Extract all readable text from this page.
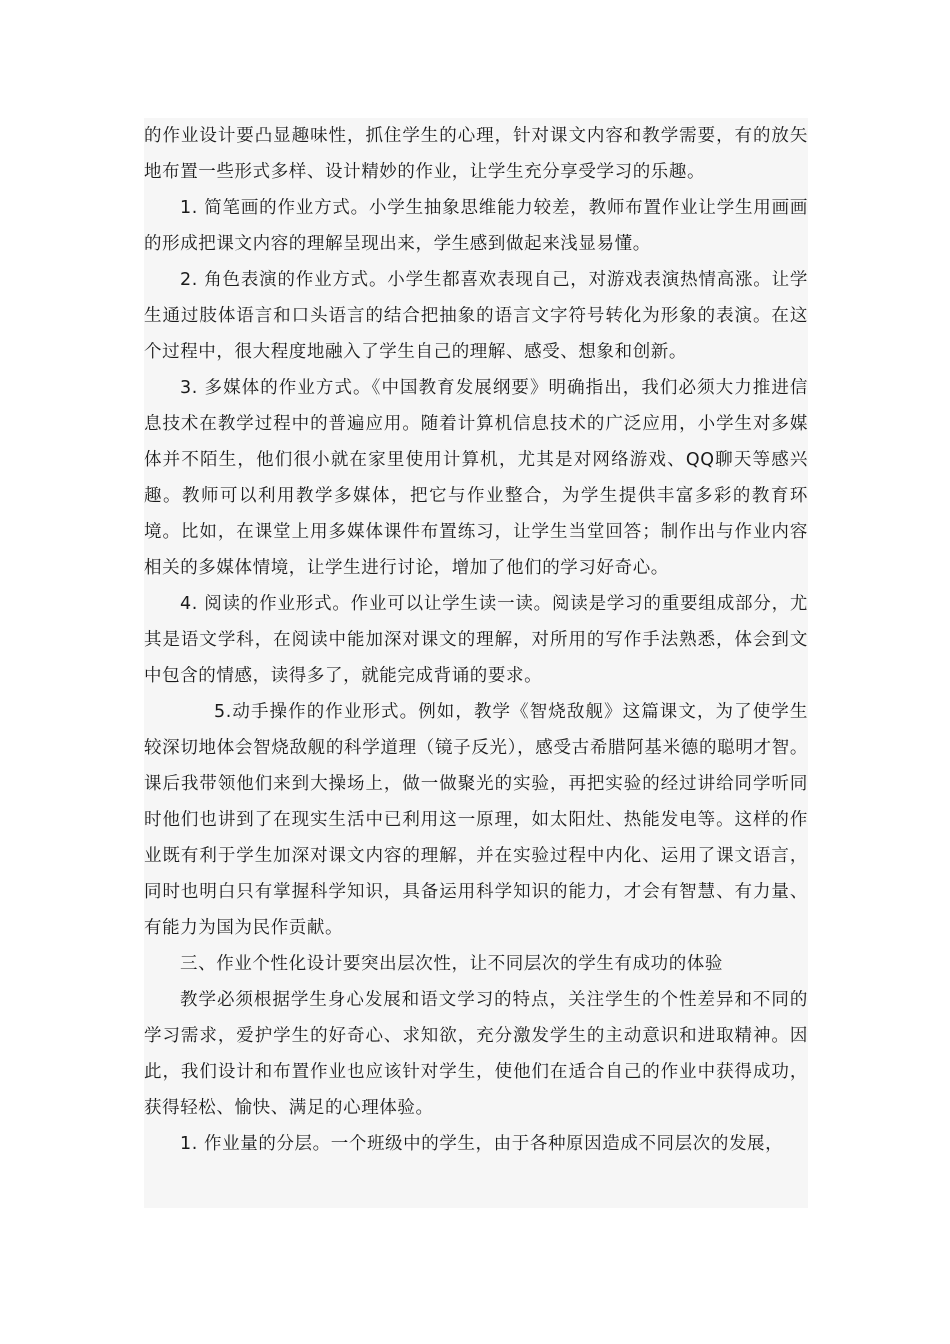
的作业设计要凸显趣味性，抓住学生的心理，针对课文内容和教学需要，有的放矢地布置一些形式多样、设计精妙的作业，让学生充分享受学习的乐趣。

1. 简笔画的作业方式。小学生抽象思维能力较差，教师布置作业让学生用画画的形成把课文内容的理解呈现出来，学生感到做起来浅显易懂。

2. 角色表演的作业方式。小学生都喜欢表现自己，对游戏表演热情高涨。让学生通过肢体语言和口头语言的结合把抽象的语言文字符号转化为形象的表演。在这个过程中，很大程度地融入了学生自己的理解、感受、想象和创新。

3. 多媒体的作业方式。《中国教育发展纲要》明确指出，我们必须大力推进信息技术在教学过程中的普遍应用。随着计算机信息技术的广泛应用，小学生对多媒体并不陌生，他们很小就在家里使用计算机，尤其是对网络游戏、QQ聊天等感兴趣。教师可以利用教学多媒体，把它与作业整合，为学生提供丰富多彩的教育环境。比如，在课堂上用多媒体课件布置练习，让学生当堂回答；制作出与作业内容相关的多媒体情境，让学生进行讨论，增加了他们的学习好奇心。

4. 阅读的作业形式。作业可以让学生读一读。阅读是学习的重要组成部分，尤其是语文学科，在阅读中能加深对课文的理解，对所用的写作手法熟悉，体会到文中包含的情感，读得多了，就能完成背诵的要求。

5.动手操作的作业形式。例如，教学《智烧敌舰》这篇课文，为了使学生较深切地体会智烧敌舰的科学道理（镜子反光），感受古希腊阿基米德的聪明才智。课后我带领他们来到大操场上，做一做聚光的实验，再把实验的经过讲给同学听同时他们也讲到了在现实生活中已利用这一原理，如太阳灶、热能发电等。这样的作业既有利于学生加深对课文内容的理解，并在实验过程中内化、运用了课文语言，同时也明白只有掌握科学知识，具备运用科学知识的能力，才会有智慧、有力量、有能力为国为民作贡献。

三、作业个性化设计要突出层次性，让不同层次的学生有成功的体验

教学必须根据学生身心发展和语文学习的特点，关注学生的个性差异和不同的学习需求，爱护学生的好奇心、求知欲，充分激发学生的主动意识和进取精神。因此，我们设计和布置作业也应该针对学生，使他们在适合自己的作业中获得成功，获得轻松、愉快、满足的心理体验。

1. 作业量的分层。一个班级中的学生，由于各种原因造成不同层次的发展，
